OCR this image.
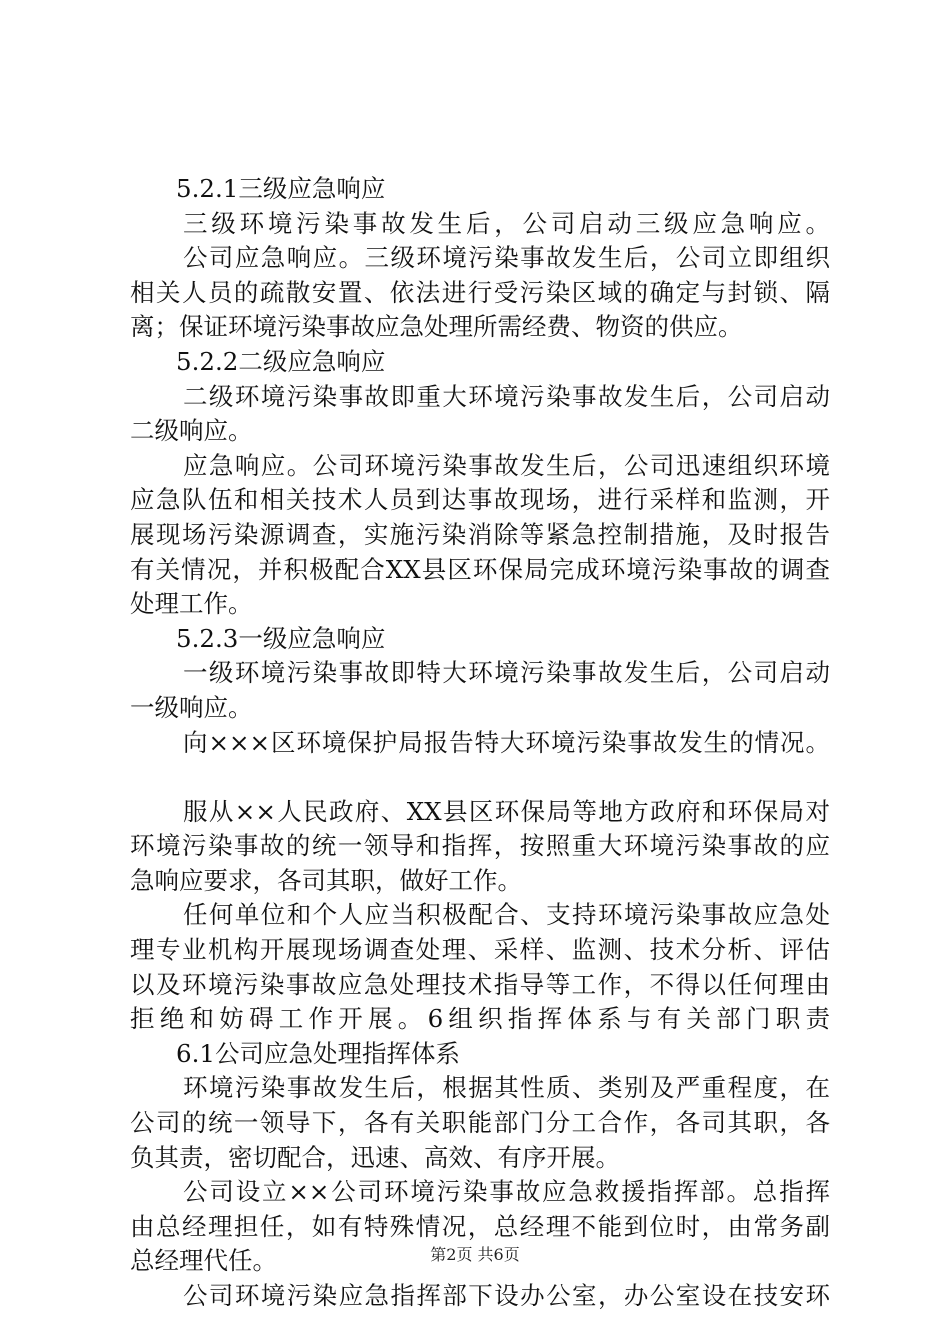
5.2.1三级应急响应
三级环境污染事故发生后，公司启动三级应急响应。
公司应急响应。三级环境污染事故发生后，公司立即组织
相关人员的疏散安置、依法进行受污染区域的确定与封锁、隔
离；保证环境污染事故应急处理所需经费、物资的供应。
5.2.2二级应急响应
二级环境污染事故即重大环境污染事故发生后，公司启动
二级响应。
应急响应。公司环境污染事故发生后，公司迅速组织环境
应急队伍和相关技术人员到达事故现场，进行采样和监测，开
展现场污染源调查，实施污染消除等紧急控制措施，及时报告
有关情况，并积极配合XX县区环保局完成环境污染事故的调查
处理工作。
5.2.3一级应急响应
一级环境污染事故即特大环境污染事故发生后，公司启动
一级响应。
向×××区环境保护局报告特大环境污染事故发生的情况。
服从××人民政府、XX县区环保局等地方政府和环保局对
环境污染事故的统一领导和指挥，按照重大环境污染事故的应
急响应要求，各司其职，做好工作。
任何单位和个人应当积极配合、支持环境污染事故应急处
理专业机构开展现场调查处理、采样、监测、技术分析、评估
以及环境污染事故应急处理技术指导等工作，不得以任何理由
拒绝和妨碍工作开展。6组织指挥体系与有关部门职责
6.1公司应急处理指挥体系
环境污染事故发生后，根据其性质、类别及严重程度，在
公司的统一领导下，各有关职能部门分工合作，各司其职，各
负其责，密切配合，迅速、高效、有序开展。
公司设立××公司环境污染事故应急救援指挥部。总指挥
由总经理担任，如有特殊情况，总经理不能到位时，由常务副
总经理代任。
公司环境污染应急指挥部下设办公室，办公室设在技安环
第2页 共6页
